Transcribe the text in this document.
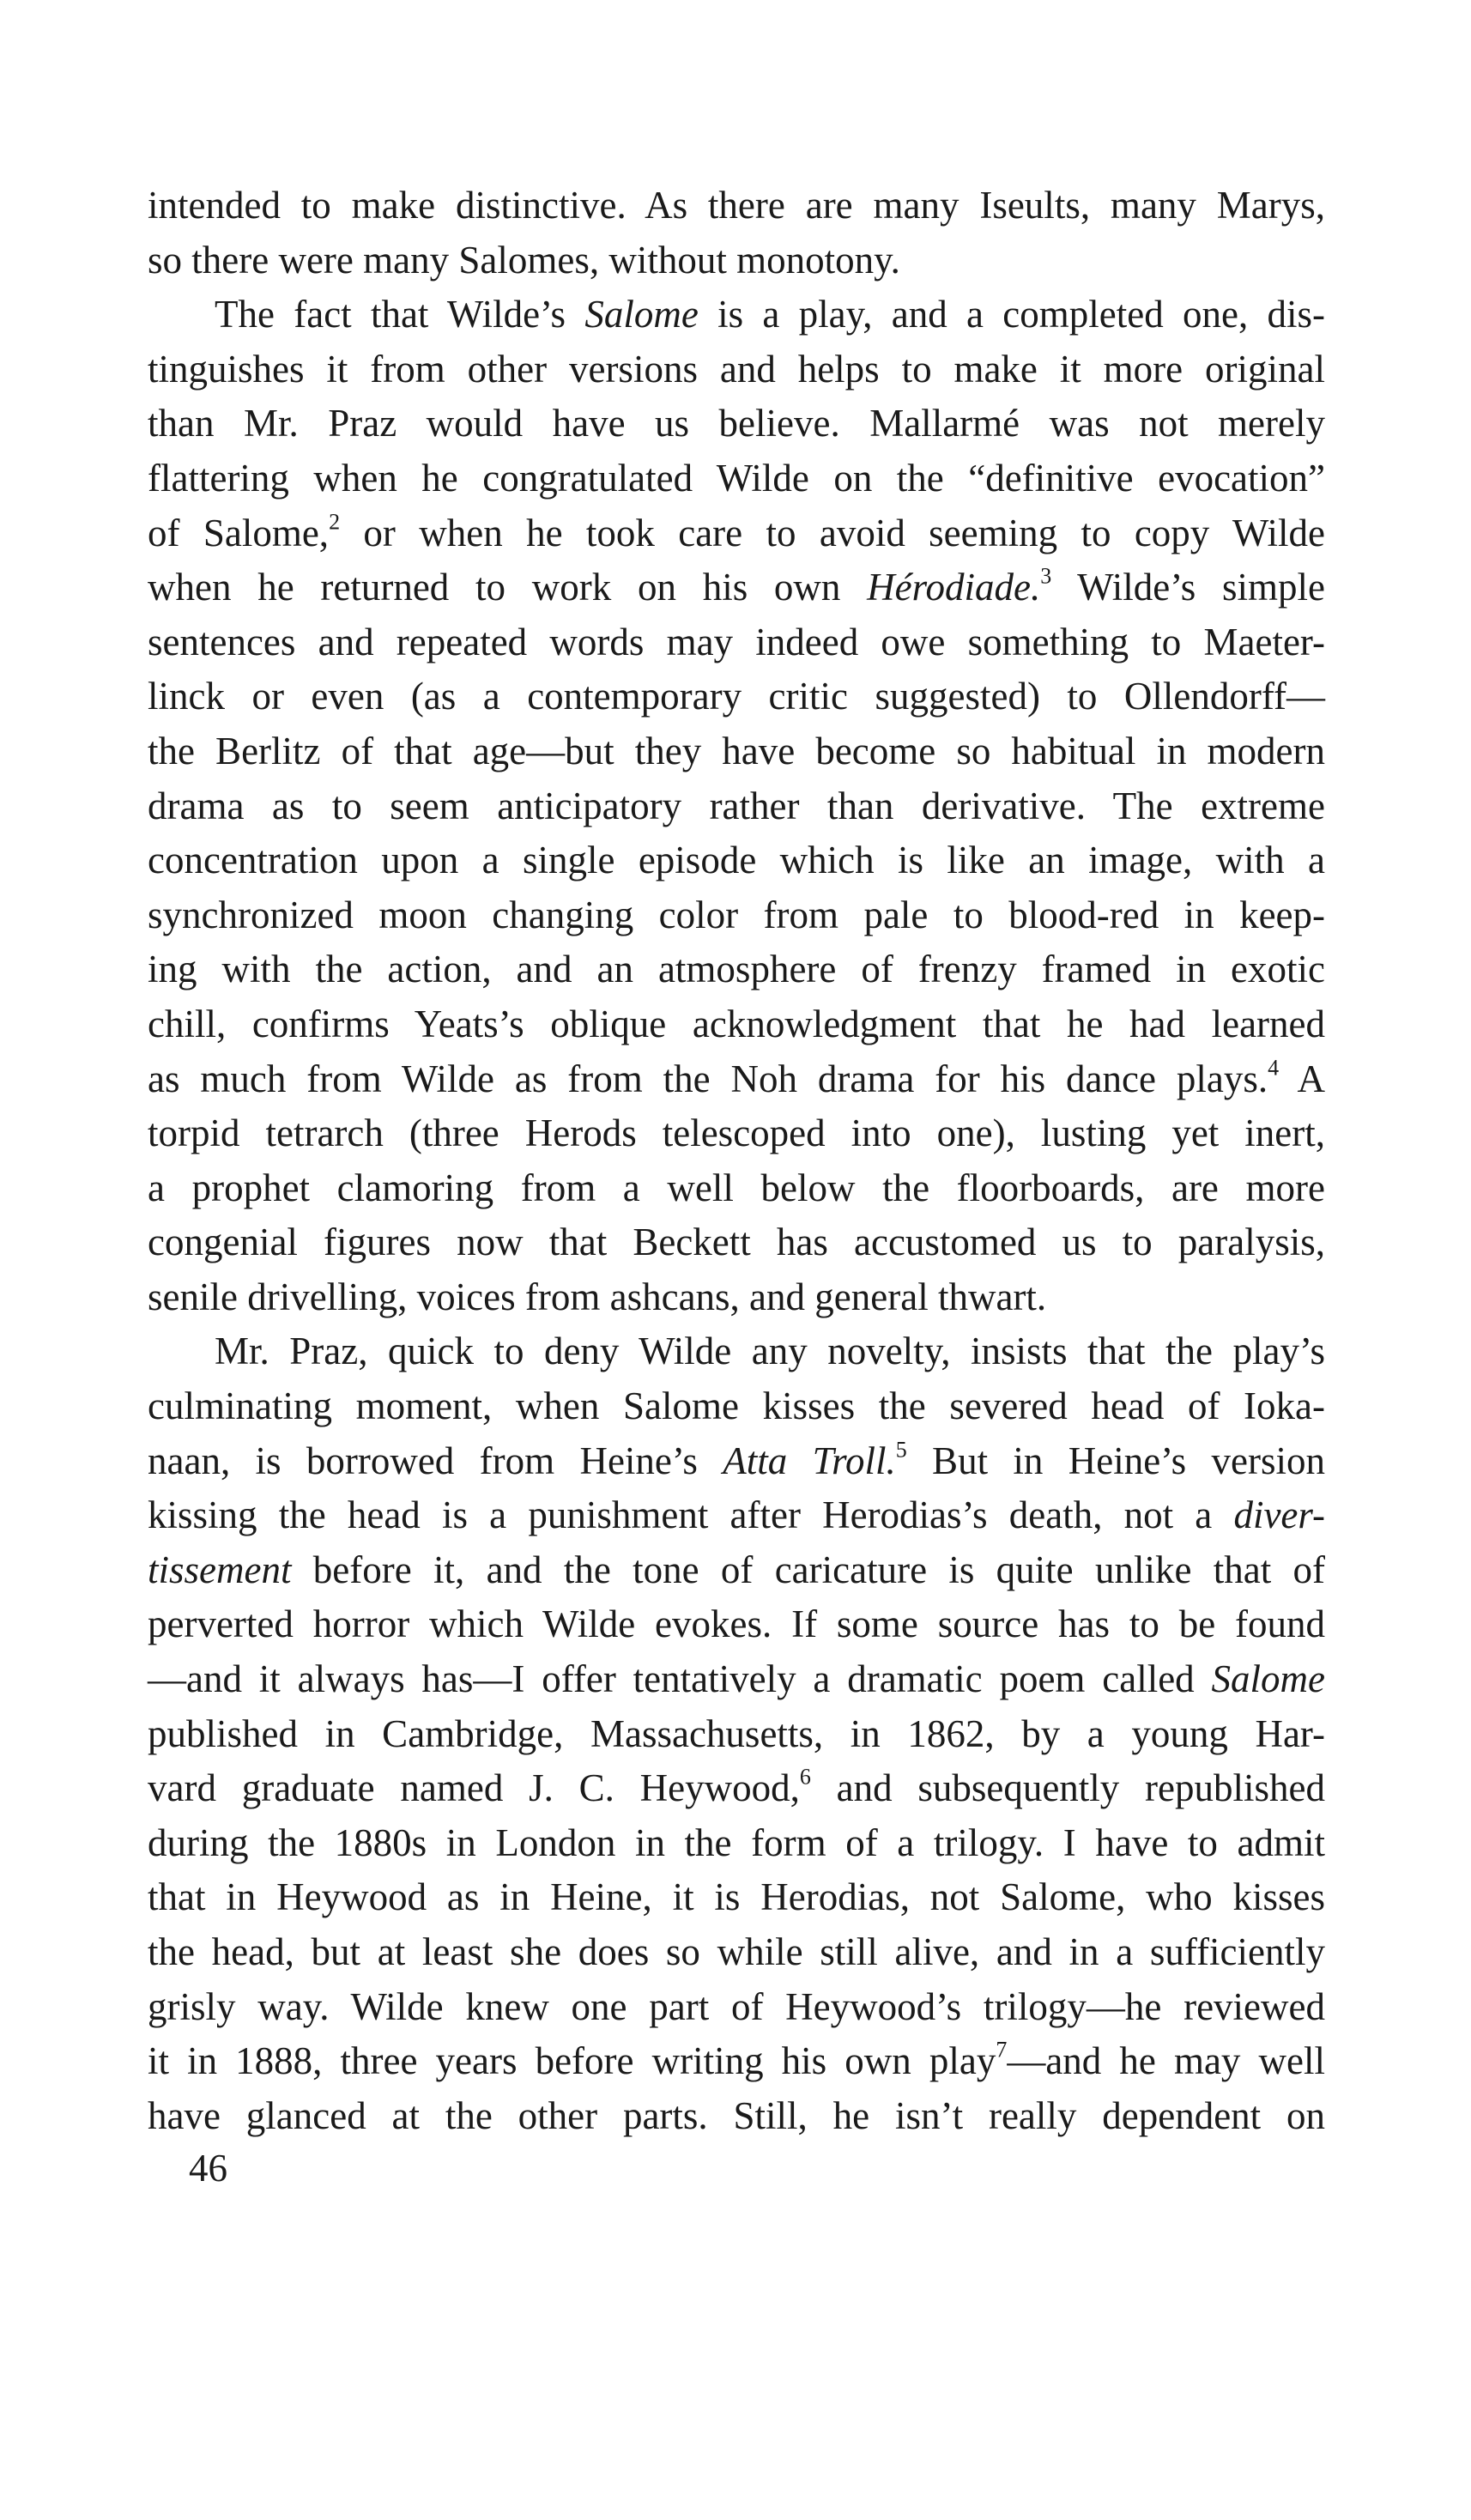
intended to make distinctive. As there are many Iseults, many Marys,
so there were many Salomes, without monotony.
The fact that Wilde’s Salome is a play, and a completed one, dis-
tinguishes it from other versions and helps to make it more original
than Mr. Praz would have us believe. Mallarmé was not merely
flattering when he congratulated Wilde on the “definitive evocation”
of Salome,$^2$ or when he took care to avoid seeming to copy Wilde
when he returned to work on his own Hérodiade.$^3$ Wilde’s simple
sentences and repeated words may indeed owe something to Maeter-
linck or even (as a contemporary critic suggested) to Ollendorff—
the Berlitz of that age—but they have become so habitual in modern
drama as to seem anticipatory rather than derivative. The extreme
concentration upon a single episode which is like an image, with a
synchronized moon changing color from pale to blood-red in keep-
ing with the action, and an atmosphere of frenzy framed in exotic
chill, confirms Yeats’s oblique acknowledgment that he had learned
as much from Wilde as from the Noh drama for his dance plays.$^4$ A
torpid tetrarch (three Herods telescoped into one), lusting yet inert,
a prophet clamoring from a well below the floorboards, are more
congenial figures now that Beckett has accustomed us to paralysis,
senile drivelling, voices from ashcans, and general thwart.
Mr. Praz, quick to deny Wilde any novelty, insists that the play’s
culminating moment, when Salome kisses the severed head of Ioka-
naan, is borrowed from Heine’s Atta Troll.$^5$ But in Heine’s version
kissing the head is a punishment after Herodias’s death, not a diver-
tissement before it, and the tone of caricature is quite unlike that of
perverted horror which Wilde evokes. If some source has to be found
—and it always has—I offer tentatively a dramatic poem called Salome
published in Cambridge, Massachusetts, in 1862, by a young Har-
vard graduate named J. C. Heywood,$^6$ and subsequently republished
during the 1880s in London in the form of a trilogy. I have to admit
that in Heywood as in Heine, it is Herodias, not Salome, who kisses
the head, but at least she does so while still alive, and in a sufficiently
grisly way. Wilde knew one part of Heywood’s trilogy—he reviewed
it in 1888, three years before writing his own play$^7$—and he may well
have glanced at the other parts. Still, he isn’t really dependent on
46
